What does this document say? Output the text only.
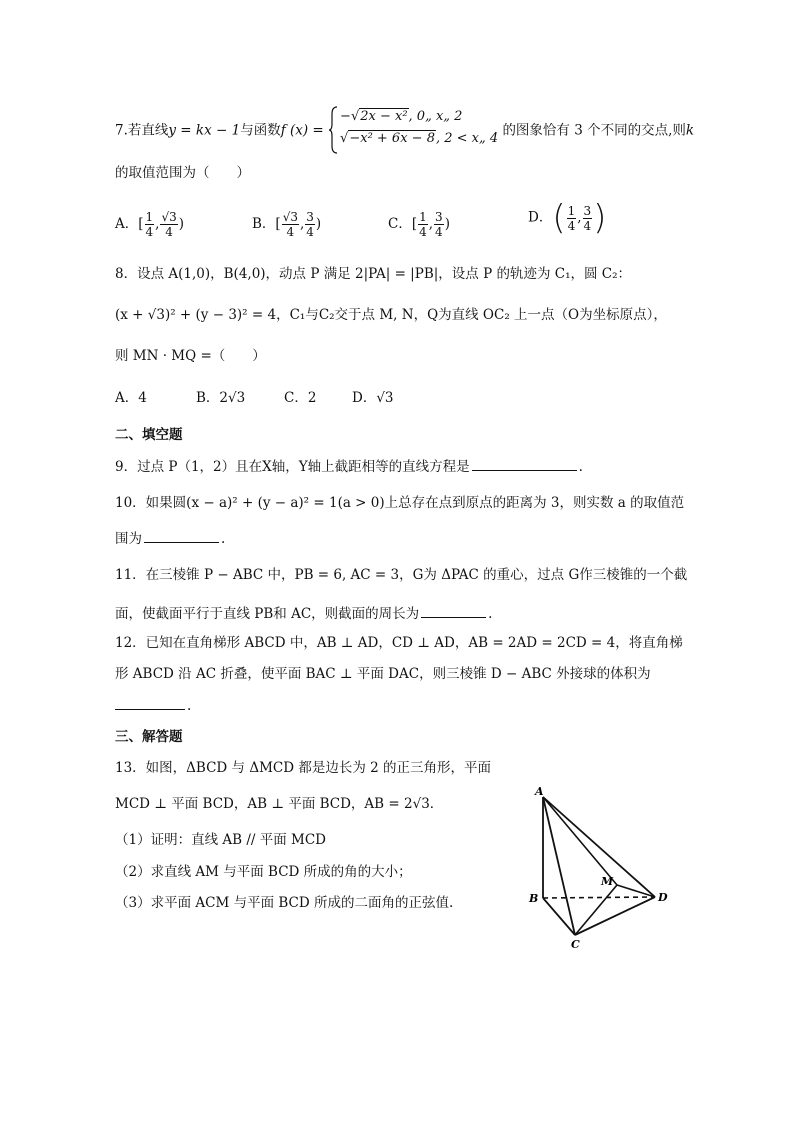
7.若直线y = kx − 1与函数f (x) =
−√2x − x², 0„ x„ 2
√−x² + 6x − 8, 2 < x„ 4 的图象恰有 3 个不同的交点,则k
的取值范围为（　　）
A．[ $\frac{1}{4}$ , $\frac{√3}{4}$ )	B．[ $\frac{√3}{4}$ , $\frac{3}{4}$ )	C．[ $\frac{1}{4}$ , $\frac{3}{4}$ )	D．( $\frac{1}{4}$ , $\frac{3}{4}$ )
8．设点 A(1,0)，B(4,0)，动点 P 满足 2|PA| = |PB|，设点 P 的轨迹为 C₁，圆 C₂：
(x + √3)² + (y − 3)² = 4，C₁与C₂交于点 M, N，Q为直线 OC₂ 上一点（O为坐标原点），
则 MN · MQ =（　　）
A．4	B．2√3	C．2	D．√3
二、填空题
9．过点 P（1，2）且在X轴，Y轴上截距相等的直线方程是	.
10．如果圆(x − a)² + (y − a)² = 1(a > 0)上总存在点到原点的距离为 3，则实数 a 的取值范
围为	.
11．在三棱锥 P − ABC 中，PB = 6, AC = 3，G为 ΔPAC 的重心，过点 G作三棱锥的一个截
面，使截面平行于直线 PB和 AC，则截面的周长为	.
12．已知在直角梯形 ABCD 中，AB ⊥ AD，CD ⊥ AD，AB = 2AD = 2CD = 4，将直角梯
形 ABCD 沿 AC 折叠，使平面 BAC ⊥ 平面 DAC，则三棱锥 D − ABC 外接球的体积为
.
三、解答题
13．如图，ΔBCD 与 ΔMCD 都是边长为 2 的正三角形，平面
MCD ⊥ 平面 BCD，AB ⊥ 平面 BCD，AB = 2√3．
（1）证明：直线 AB // 平面 MCD
（2）求直线 AM 与平面 BCD 所成的角的大小；
（3）求平面 ACM 与平面 BCD 所成的二面角的正弦值.
A
B
C
D
M
